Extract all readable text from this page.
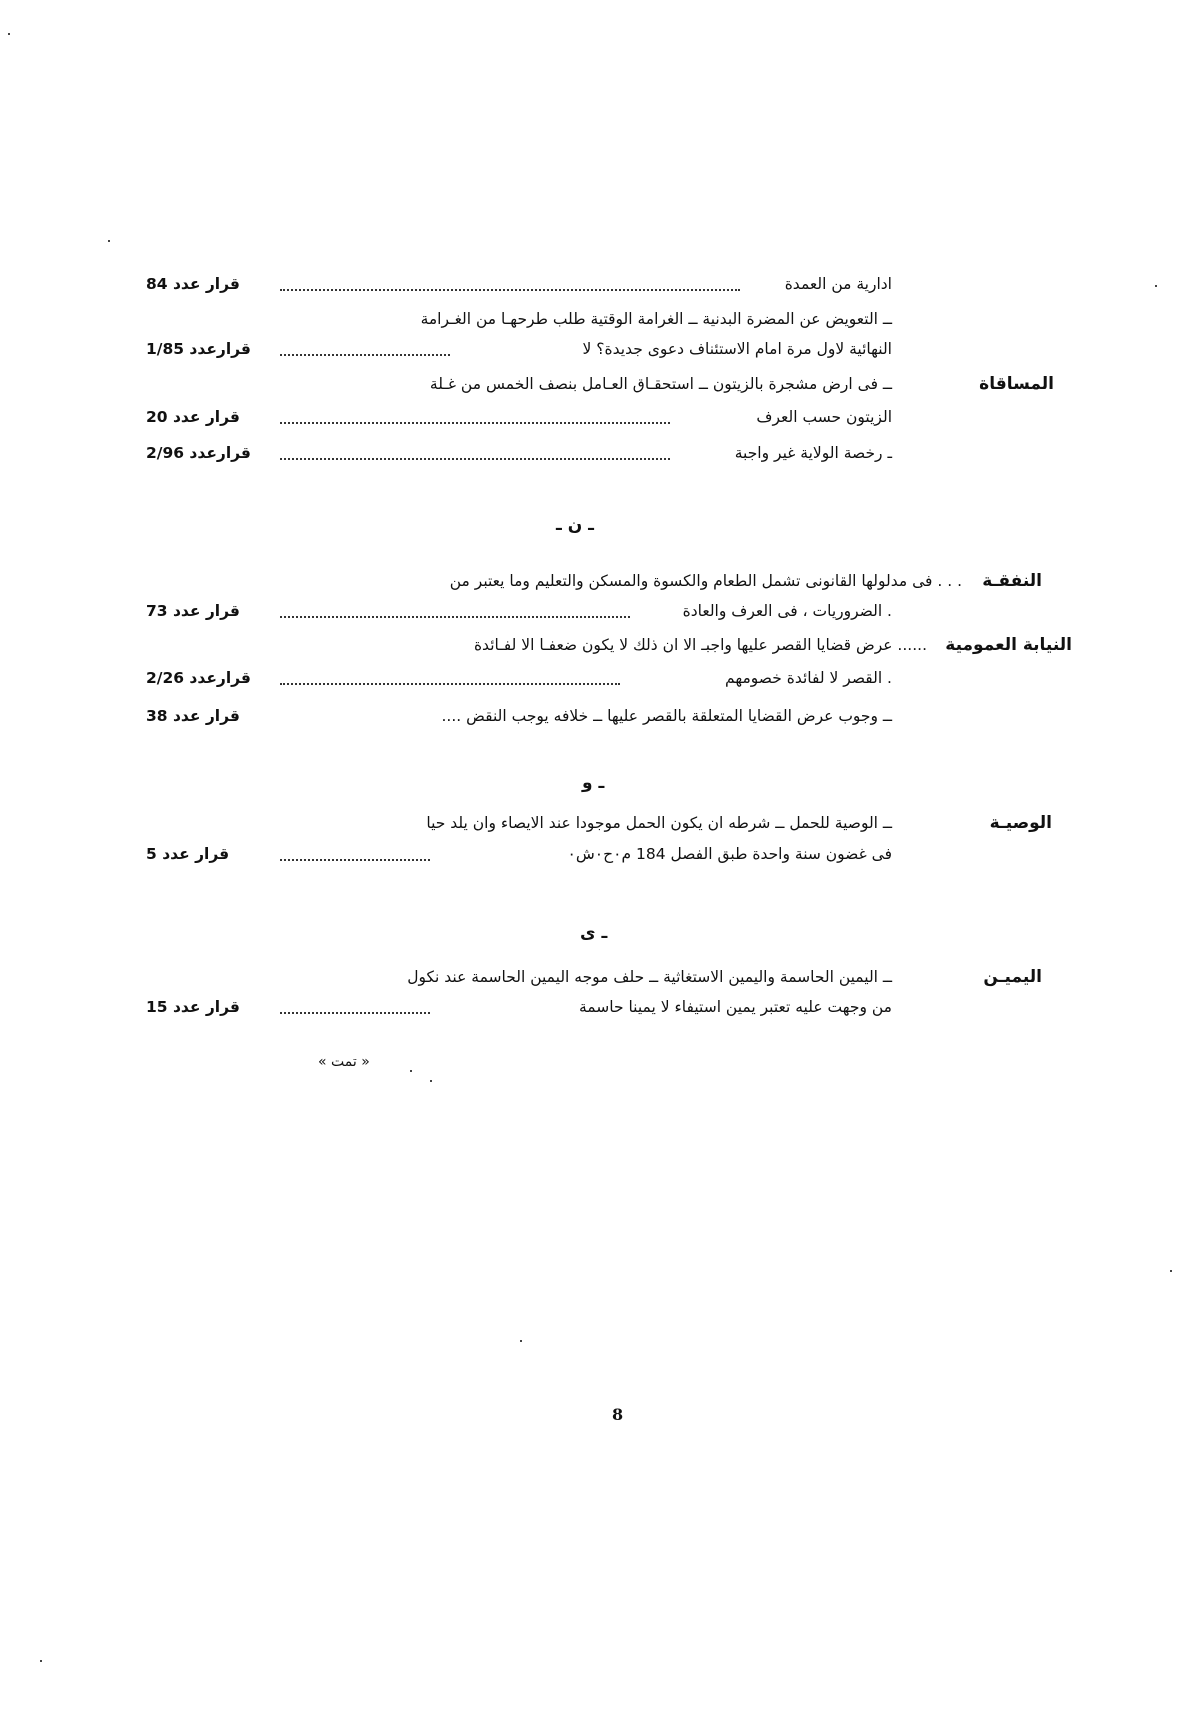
ادارية من العمدة
قرار عدد 84
ــ التعويض عن المضرة البدنية ــ الغرامة الوقتية طلب طرحهـا من الغـرامة
النهائية لاول مرة امام الاستئناف دعوى جديدة؟ لا
قرارعدد 1/85
المساقاة
ــ فى ارض مشجرة بالزيتون ــ استحقـاق العـامل بنصف الخمس من غـلة
الزيتون حسب العرف
قرار عدد 20
ـ رخصة الولاية غير واجبة
قرارعدد 2/96
ـ ن ـ
النفقـة
. . . فى مدلولها القانونى تشمل الطعام والكسوة والمسكن والتعليم وما يعتبر من
. الضروريات ، فى العرف والعادة
قرار عدد 73
النيابة العمومية
...... عرض قضايا القصر عليها واجبـ الا ان ذلك لا يكون ضعفـا الا لفـائدة
. القصر لا لفائدة خصومهم
قرارعدد 2/26
ــ وجوب عرض القضايا المتعلقة بالقصر عليها ــ خلافه يوجب النقض ....
قرار عدد 38
ـ و
الوصيـة
ــ الوصية للحمل ــ شرطه ان يكون الحمل موجودا عند الايصاء وان يلد حيا
فى غضون سنة واحدة طبق الفصل 184 م٠ح٠ش٠
قرار عدد 5
ـ ى
اليميـن
ــ اليمين الحاسمة واليمين الاستغاثية ــ حلف موجه اليمين الحاسمة عند نكول
من وجهت عليه تعتبر يمين استيفاء لا يمينا حاسمة
قرار عدد 15
« تمت »
8
